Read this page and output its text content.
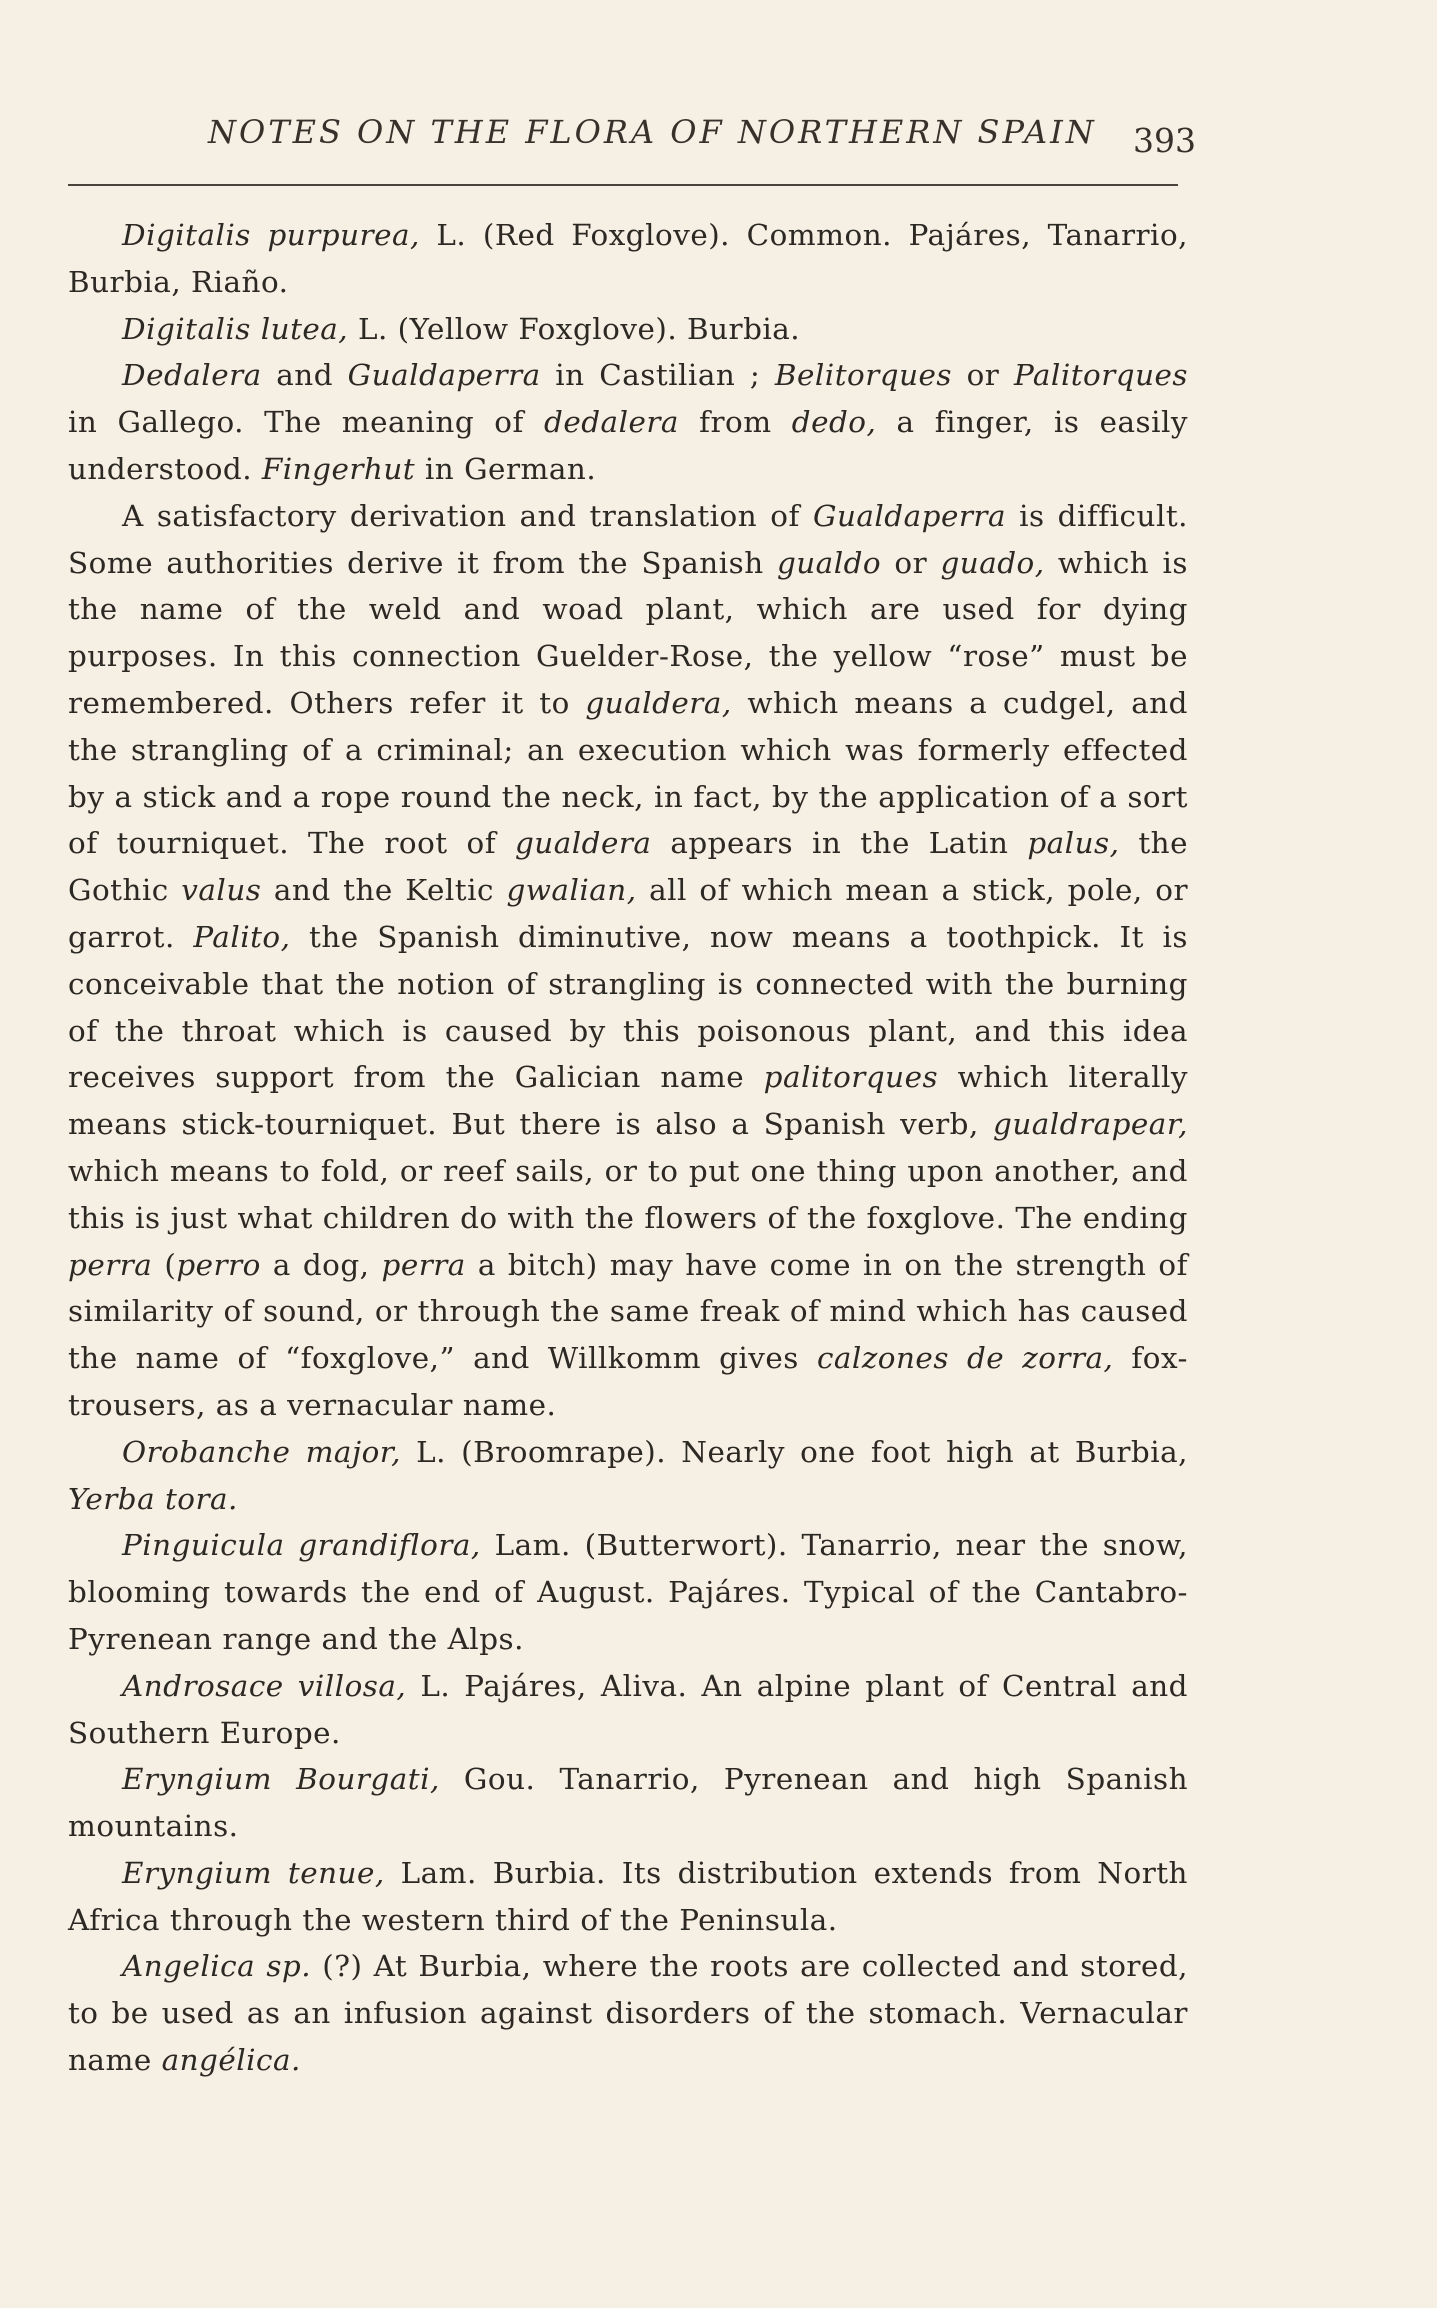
NOTES ON THE FLORA OF NORTHERN SPAIN 393

Digitalis purpurea, L. (Red Foxglove). Common. Pajáres, Tanarrio, Burbia, Riaño.

Digitalis lutea, L. (Yellow Foxglove). Burbia.

Dedalera and Gualdaperra in Castilian ; Belitorques or Palitorques in Gallego. The meaning of dedalera from dedo, a finger, is easily understood. Fingerhut in German.

A satisfactory derivation and translation of Gualdaperra is difficult. Some authorities derive it from the Spanish gualdo or guado, which is the name of the weld and woad plant, which are used for dying purposes. In this connection Guelder-Rose, the yellow “rose” must be remembered. Others refer it to gualdera, which means a cudgel, and the strangling of a criminal; an execution which was formerly effected by a stick and a rope round the neck, in fact, by the application of a sort of tourniquet. The root of gualdera appears in the Latin palus, the Gothic valus and the Keltic gwalian, all of which mean a stick, pole, or garrot. Palito, the Spanish diminutive, now means a toothpick. It is conceivable that the notion of strangling is connected with the burning of the throat which is caused by this poisonous plant, and this idea receives support from the Galician name palitorques which literally means stick-tourniquet. But there is also a Spanish verb, gualdrapear, which means to fold, or reef sails, or to put one thing upon another, and this is just what children do with the flowers of the foxglove. The ending perra (perro a dog, perra a bitch) may have come in on the strength of similarity of sound, or through the same freak of mind which has caused the name of “foxglove,” and Willkomm gives calzones de zorra, fox-trousers, as a vernacular name.

Orobanche major, L. (Broomrape). Nearly one foot high at Burbia, Yerba tora.

Pinguicula grandiflora, Lam. (Butterwort). Tanarrio, near the snow, blooming towards the end of August. Pajáres. Typical of the Cantabro-Pyrenean range and the Alps.

Androsace villosa, L. Pajáres, Aliva. An alpine plant of Central and Southern Europe.

Eryngium Bourgati, Gou. Tanarrio, Pyrenean and high Spanish mountains.

Eryngium tenue, Lam. Burbia. Its distribution extends from North Africa through the western third of the Peninsula.

Angelica sp. (?) At Burbia, where the roots are collected and stored, to be used as an infusion against disorders of the stomach. Vernacular name angélica.
